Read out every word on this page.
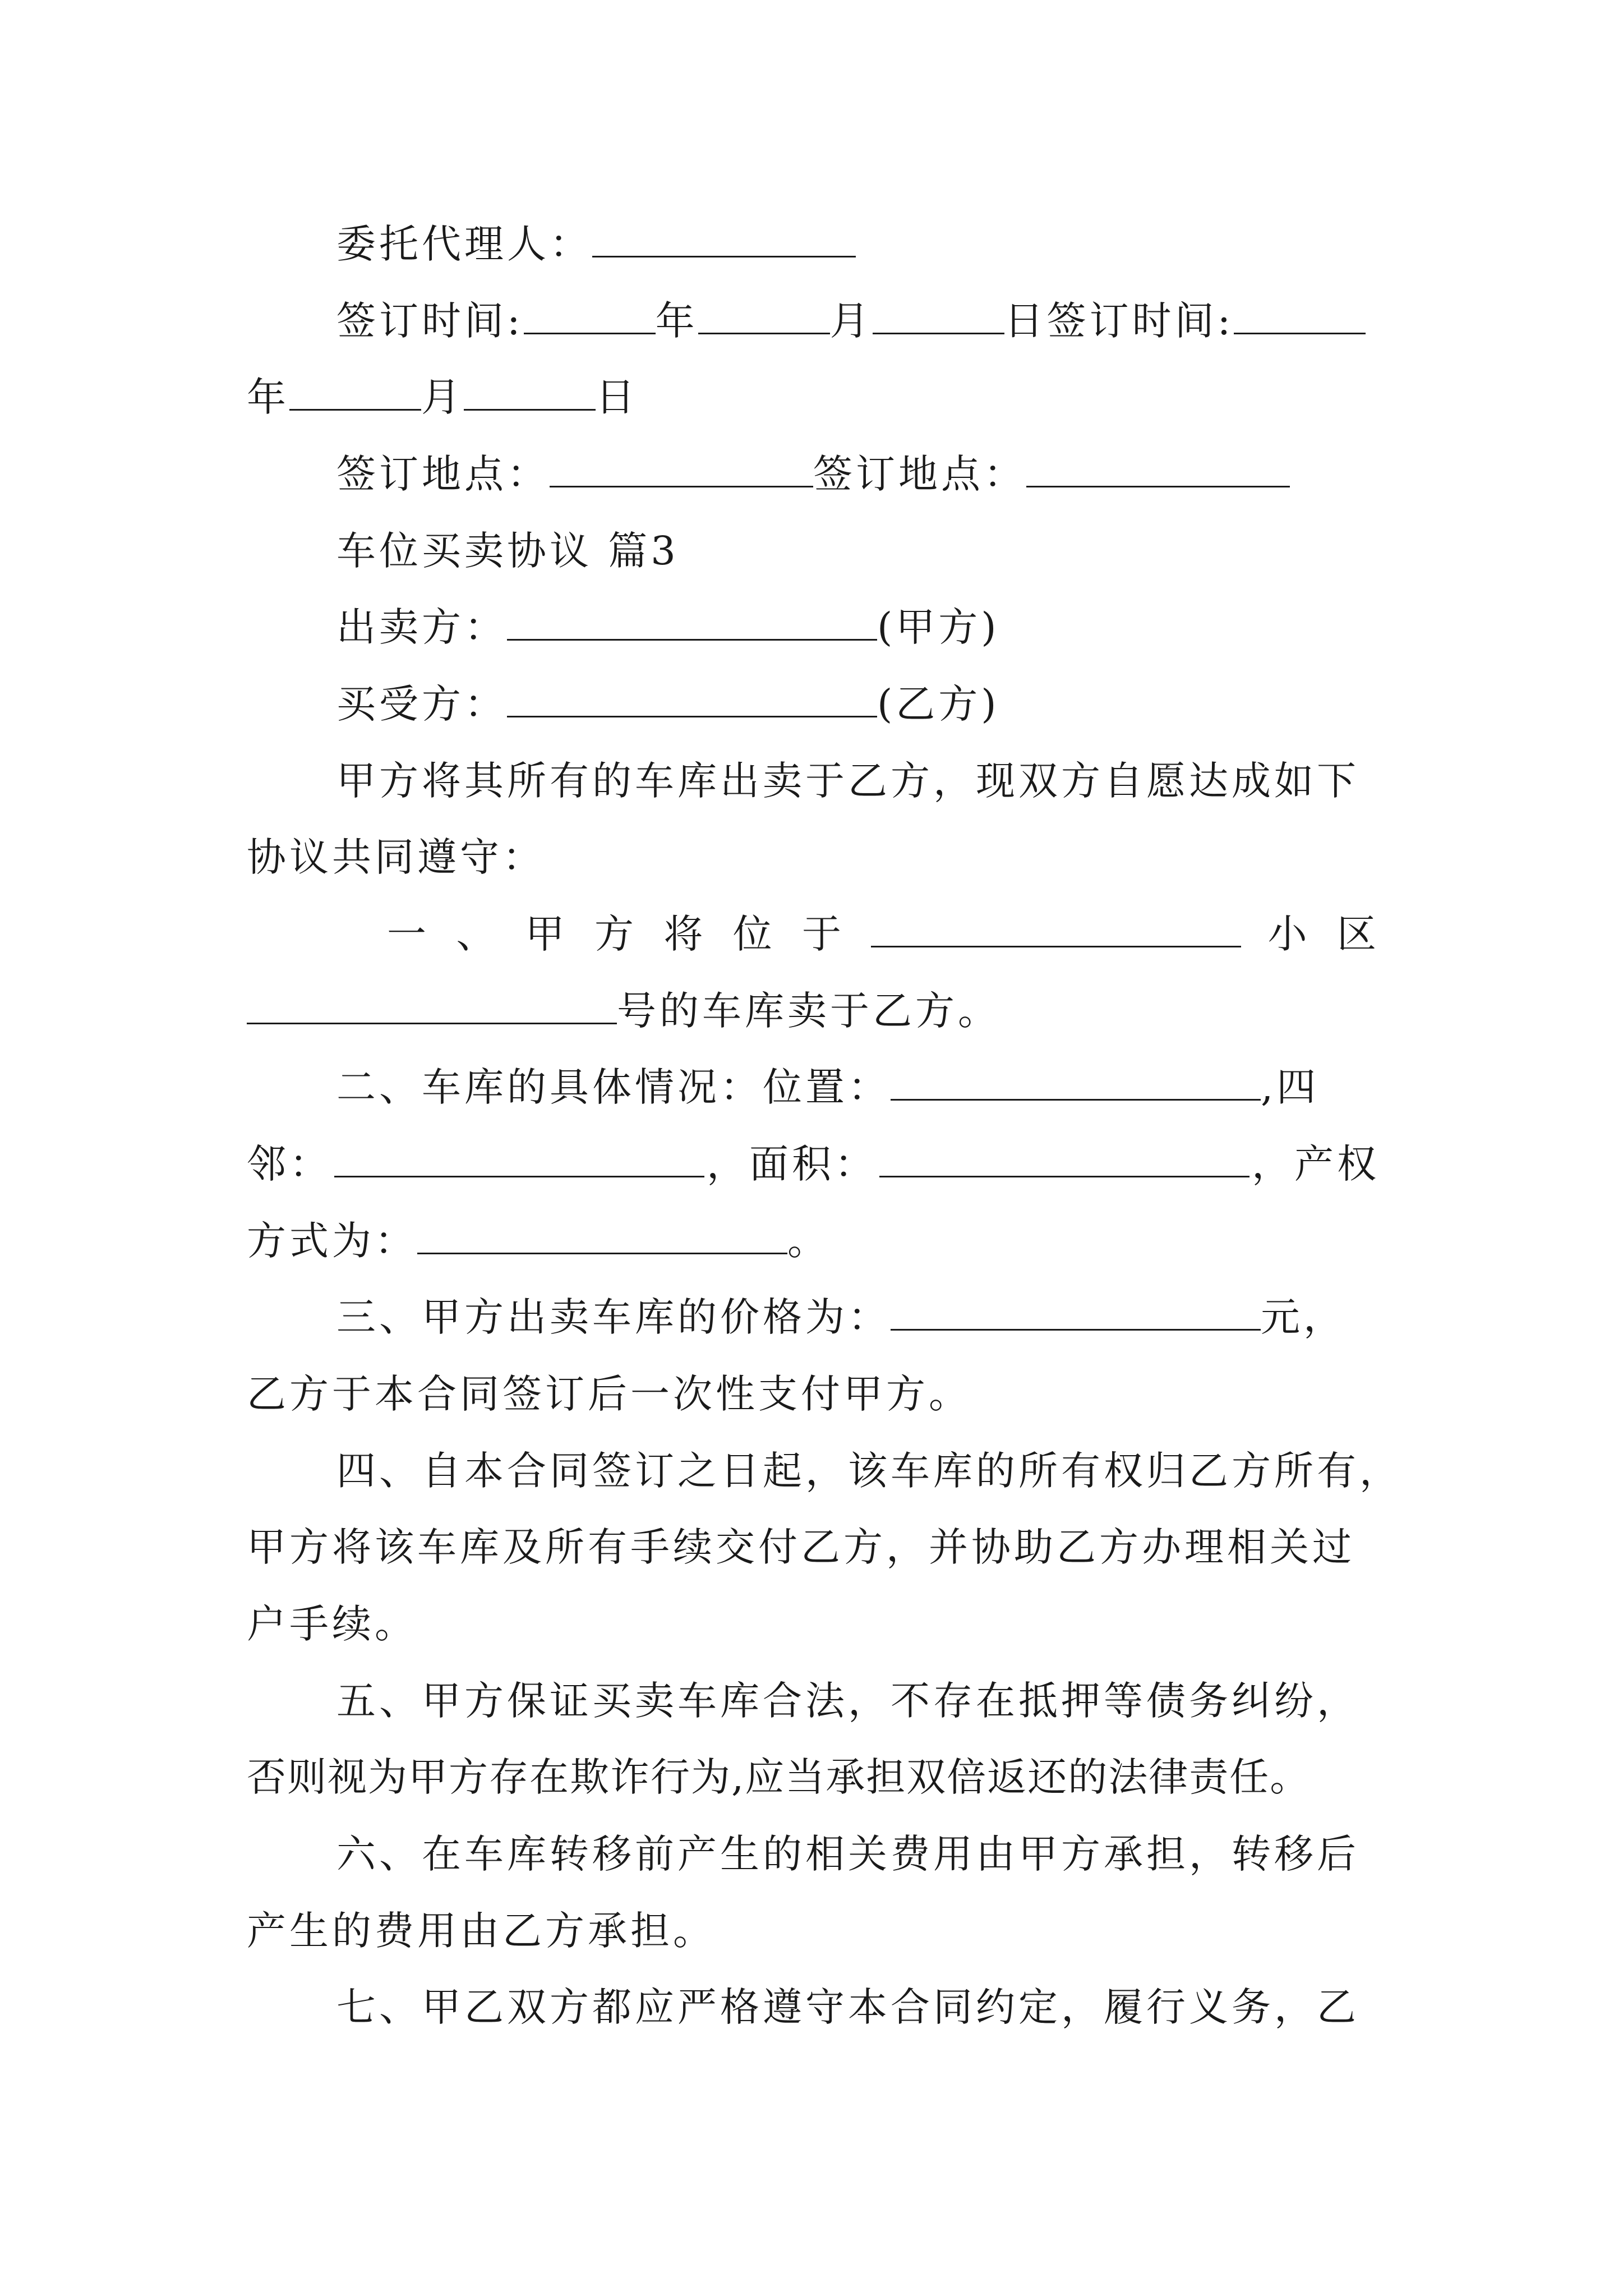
委托代理人：
签订时间:	年	月	日签订时间:
年	月	日
签订地点：	签订地点：
车位买卖协议 篇3
出卖方：	(甲方)
买受方：	(乙方)
甲方将其所有的车库出卖于乙方，现双方自愿达成如下
协议共同遵守：
一 、 甲 方 将 位 于	小 区
号的车库卖于乙方。
二、车库的具体情况：位置：	,四
邻：	，面积：	，产权
方式为：	。
三、甲方出卖车库的价格为：	元，
乙方于本合同签订后一次性支付甲方。
四、自本合同签订之日起，该车库的所有权归乙方所有，
甲方将该车库及所有手续交付乙方，并协助乙方办理相关过
户手续。
五、甲方保证买卖车库合法，不存在抵押等债务纠纷，
否则视为甲方存在欺诈行为,应当承担双倍返还的法律责任。
六、在车库转移前产生的相关费用由甲方承担，转移后
产生的费用由乙方承担。
七、甲乙双方都应严格遵守本合同约定，履行义务，乙
